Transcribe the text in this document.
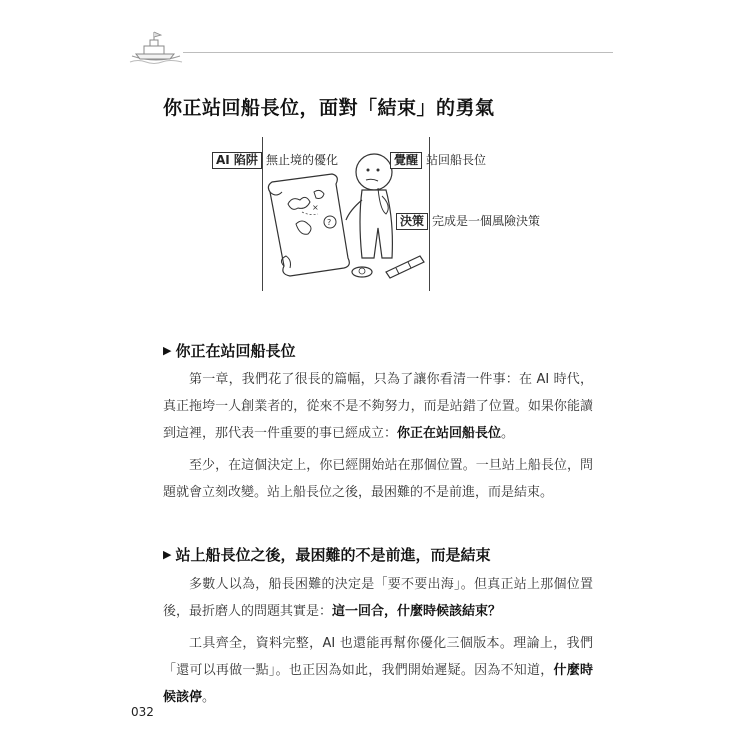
你正站回船長位，面對「結束」的勇氣
×
?
AI 陷阱 無止境的優化	覺醒 站回船長位
決策 完成是一個風險決策
▶ 你正在站回船長位

第一章，我們花了很長的篇幅，只為了讓你看清一件事：在 AI 時代，真正拖垮一人創業者的，從來不是不夠努力，而是站錯了位置。如果你能讀到這裡，那代表一件重要的事已經成立：你正在站回船長位。

至少，在這個決定上，你已經開始站在那個位置。一旦站上船長位，問題就會立刻改變。站上船長位之後，最困難的不是前進，而是結束。

▶ 站上船長位之後，最困難的不是前進，而是結束

多數人以為，船長困難的決定是「要不要出海」。但真正站上那個位置後，最折磨人的問題其實是：這一回合，什麼時候該結束？

工具齊全，資料完整，AI 也還能再幫你優化三個版本。理論上，我們「還可以再做一點」。也正因為如此，我們開始遲疑。因為不知道，什麼時候該停。

032
